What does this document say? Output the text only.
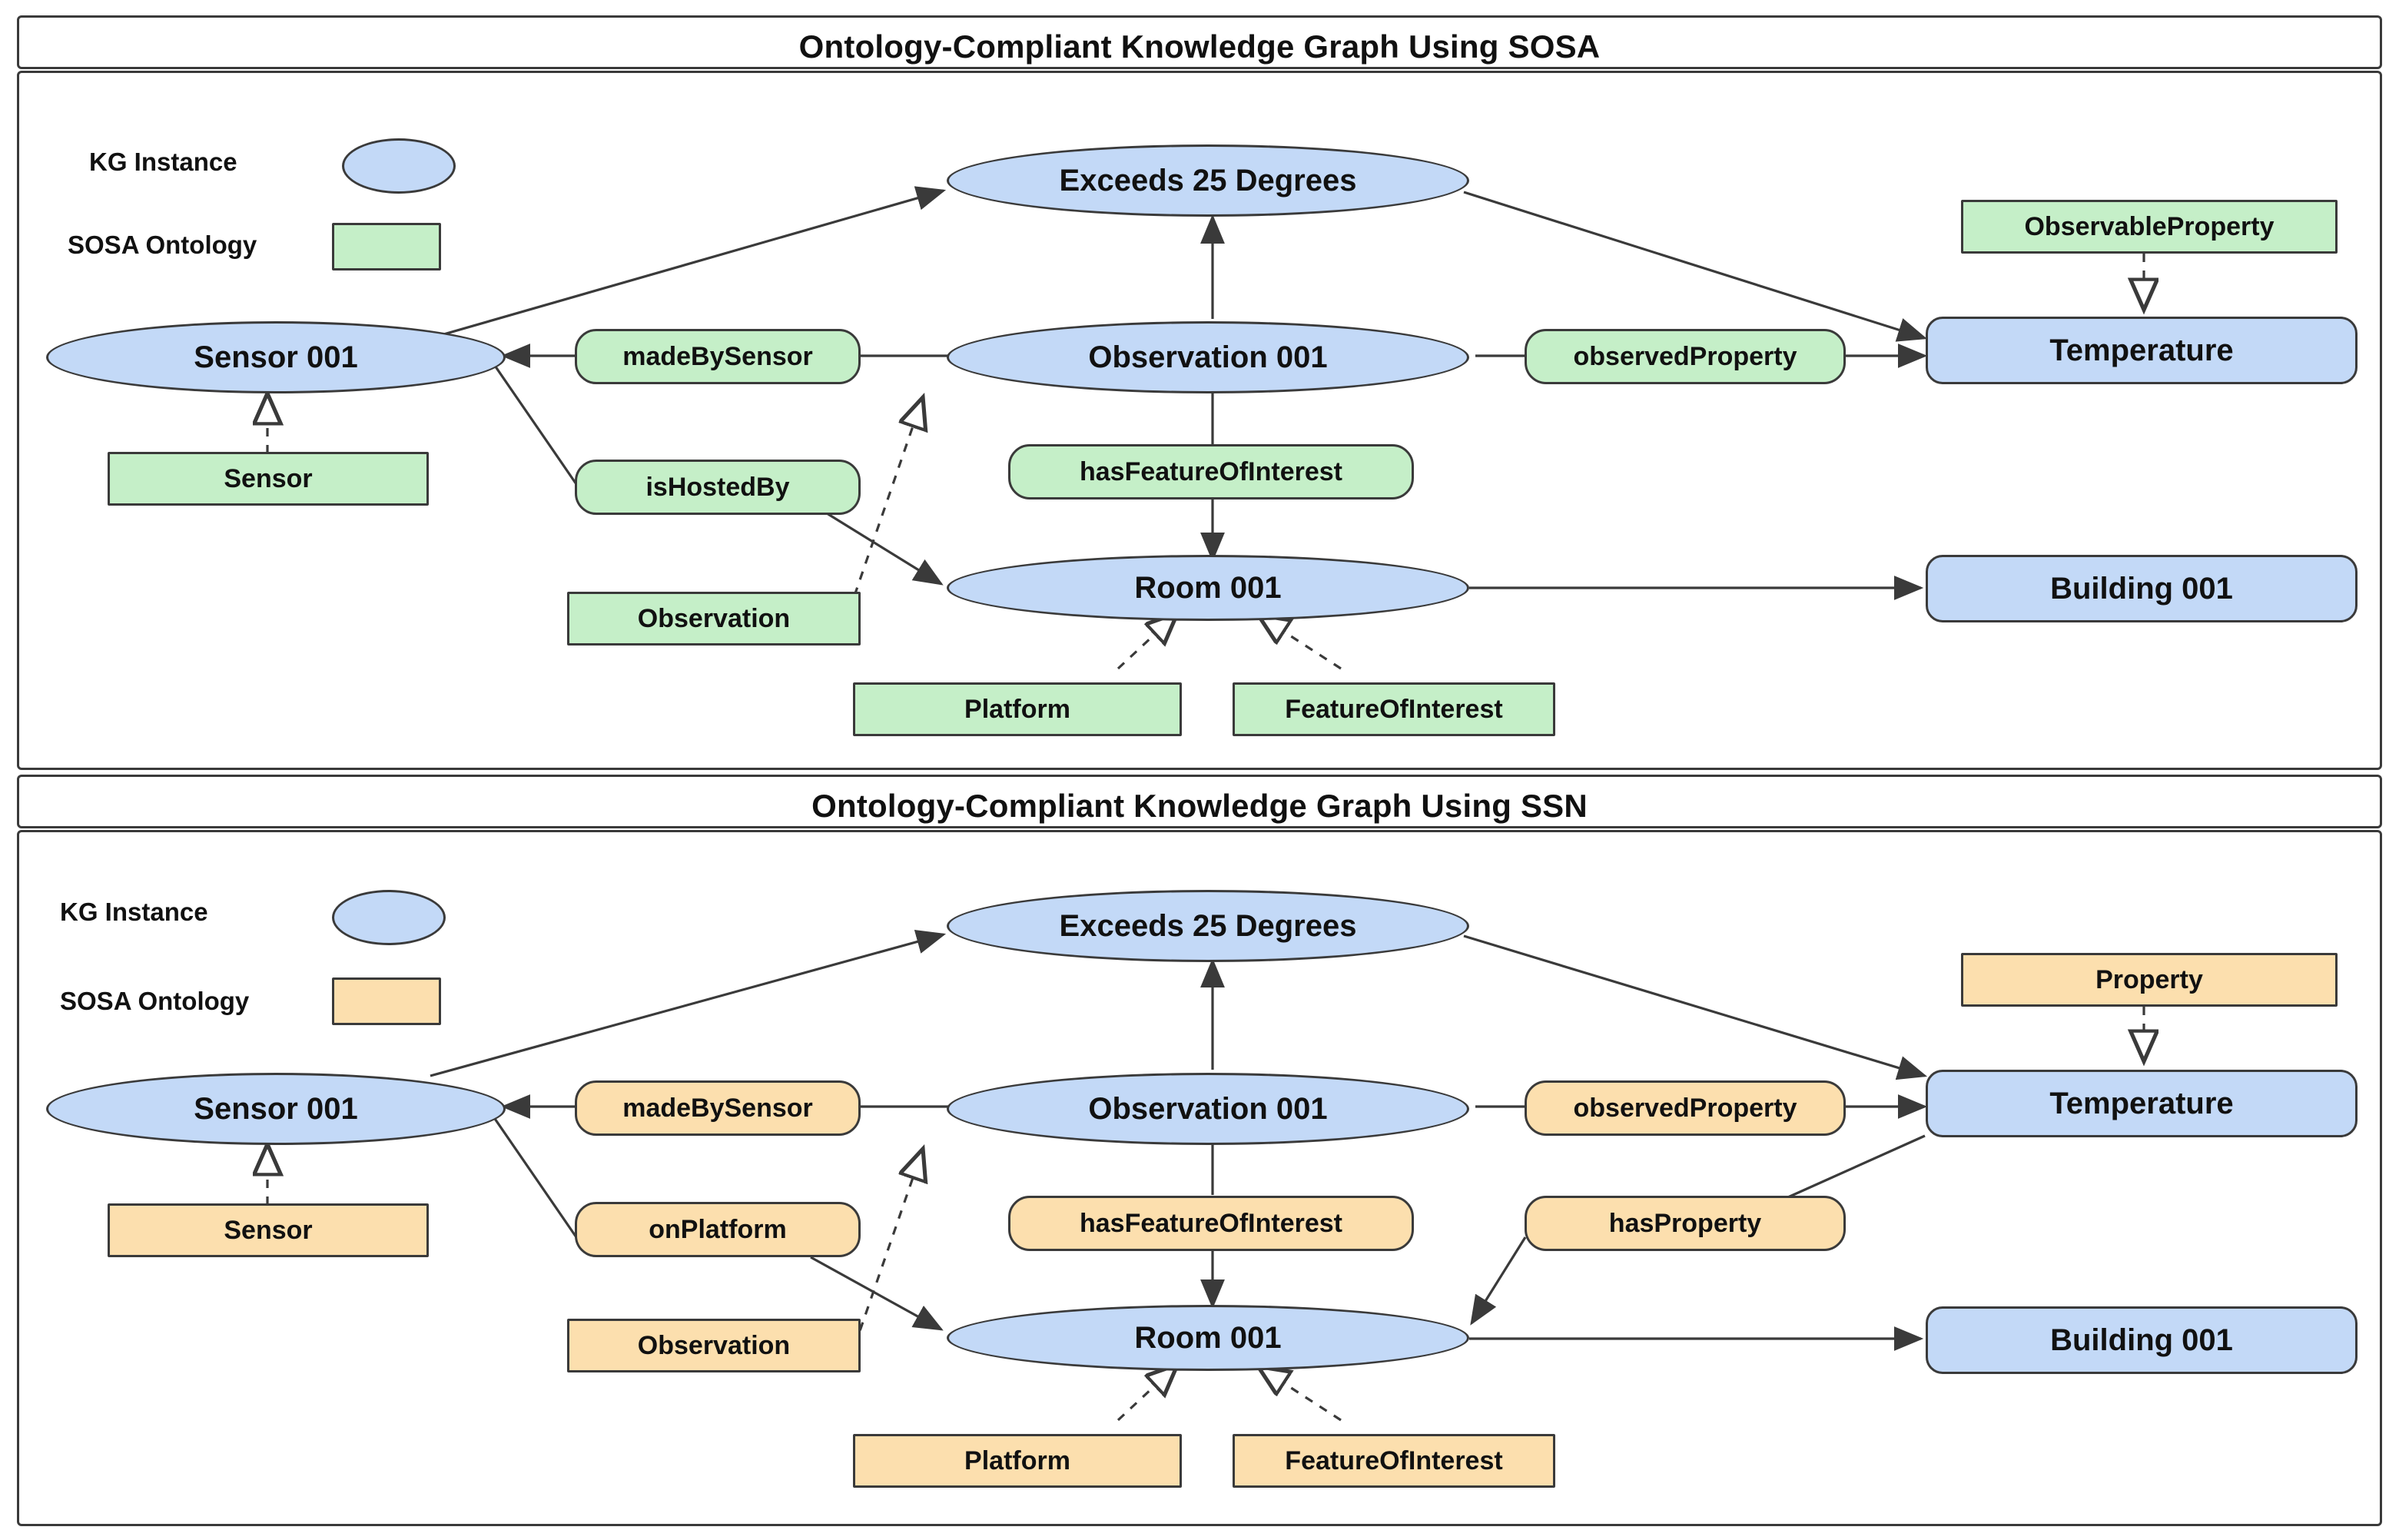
Ontology-Compliant Knowledge Graph Using SOSA
Ontology-Compliant Knowledge Graph Using SSN
KG Instance
SOSA Ontology
Exceeds 25 Degrees
Sensor 001	Observation 001
Room 001
Temperature
Building 001
madeBySensor
isHostedBy
hasFeatureOfInterest
observedProperty
Sensor
Observation
Platform	FeatureOfInterest
ObservableProperty
KG Instance
SOSA Ontology
Exceeds 25 Degrees
Sensor 001	Observation 001
Room 001
Temperature
Building 001
madeBySensor
onPlatform	hasFeatureOfInterest
observedProperty
hasProperty
Sensor
Observation
Platform	FeatureOfInterest
Property
